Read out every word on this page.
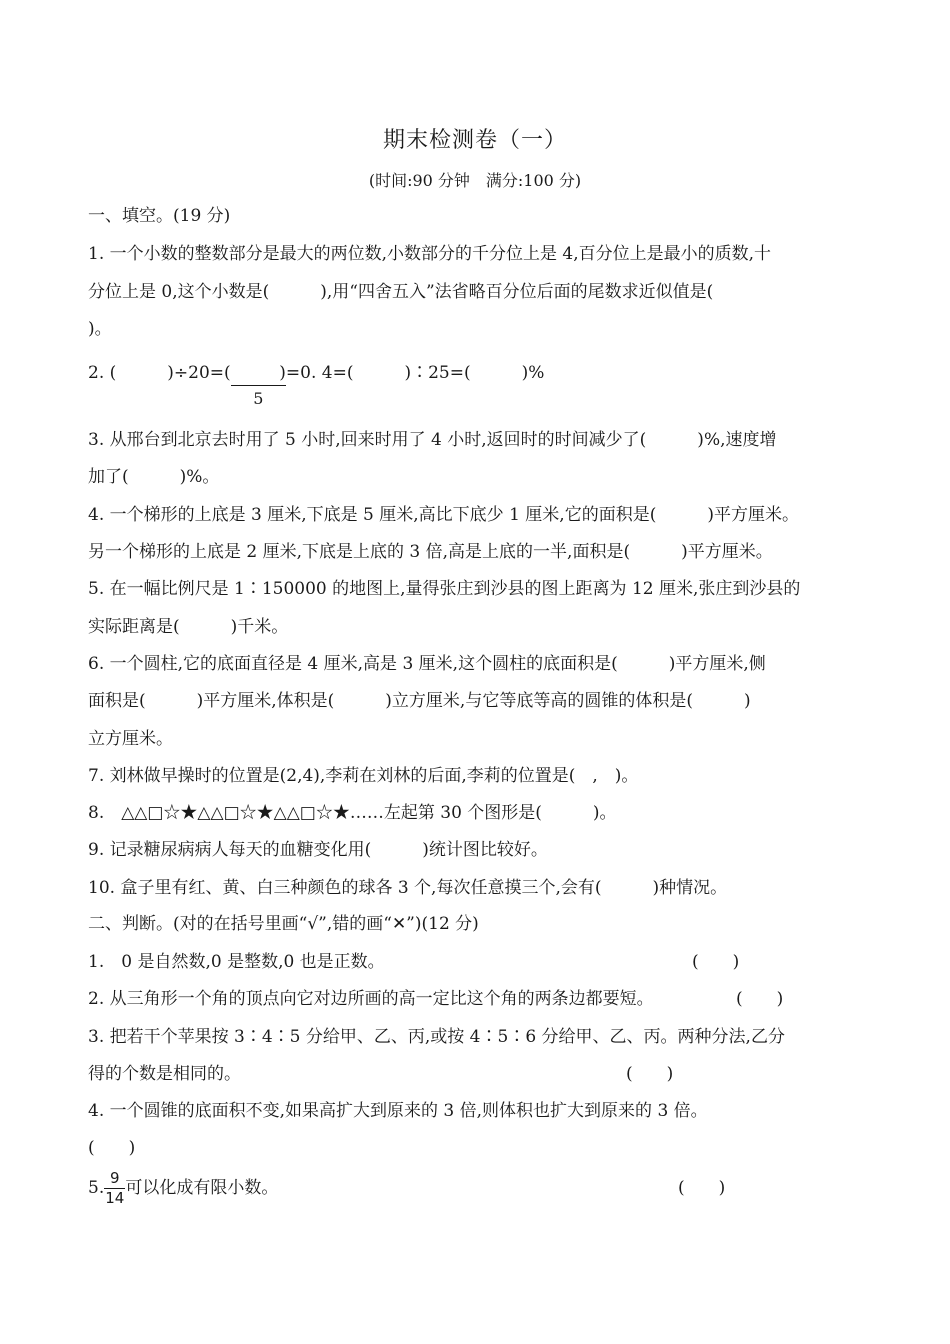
期末检测卷（一）
(时间:90 分钟　满分:100 分)
一、填空。(19 分)
1. 一个小数的整数部分是最大的两位数,小数部分的千分位上是 4,百分位上是最小的质数,十
分位上是 0,这个小数是(　　　),用“四舍五入”法省略百分位后面的尾数求近似值是(
)。
2. (　　　)÷20=(	)
5
=0. 4=(　　　)∶25=(　　　)%
3. 从邢台到北京去时用了 5 小时,回来时用了 4 小时,返回时的时间减少了(　　　)%,速度增
加了(　　　)%。
4. 一个梯形的上底是 3 厘米,下底是 5 厘米,高比下底少 1 厘米,它的面积是(　　　)平方厘米。
另一个梯形的上底是 2 厘米,下底是上底的 3 倍,高是上底的一半,面积是(　　　)平方厘米。
5. 在一幅比例尺是 1∶150000 的地图上,量得张庄到沙县的图上距离为 12 厘米,张庄到沙县的
实际距离是(　　　)千米。
6. 一个圆柱,它的底面直径是 4 厘米,高是 3 厘米,这个圆柱的底面积是(　　　)平方厘米,侧
面积是(　　　)平方厘米,体积是(　　　)立方厘米,与它等底等高的圆锥的体积是(　　　)
立方厘米。
7. 刘林做早操时的位置是(2,4),李莉在刘林的后面,李莉的位置是(　,　)。
8.　△△□☆★△△□☆★△△□☆★……左起第 30 个图形是(　　　)。
9. 记录糖尿病病人每天的血糖变化用(　　　)统计图比较好。
10. 盒子里有红、黄、白三种颜色的球各 3 个,每次任意摸三个,会有(　　　)种情况。
二、判断。(对的在括号里画“√”,错的画“✕”)(12 分)
1.　0 是自然数,0 是整数,0 也是正数。	(　　)
2. 从三角形一个角的顶点向它对边所画的高一定比这个角的两条边都要短。	(　　)
3. 把若干个苹果按 3∶4∶5 分给甲、乙、丙,或按 4∶5∶6 分给甲、乙、丙。两种分法,乙分
得的个数是相同的。	(　　)
4. 一个圆锥的底面积不变,如果高扩大到原来的 3 倍,则体积也扩大到原来的 3 倍。
(　　)
5. $\frac{9}{14}$ 可以化成有限小数。	(　　)
